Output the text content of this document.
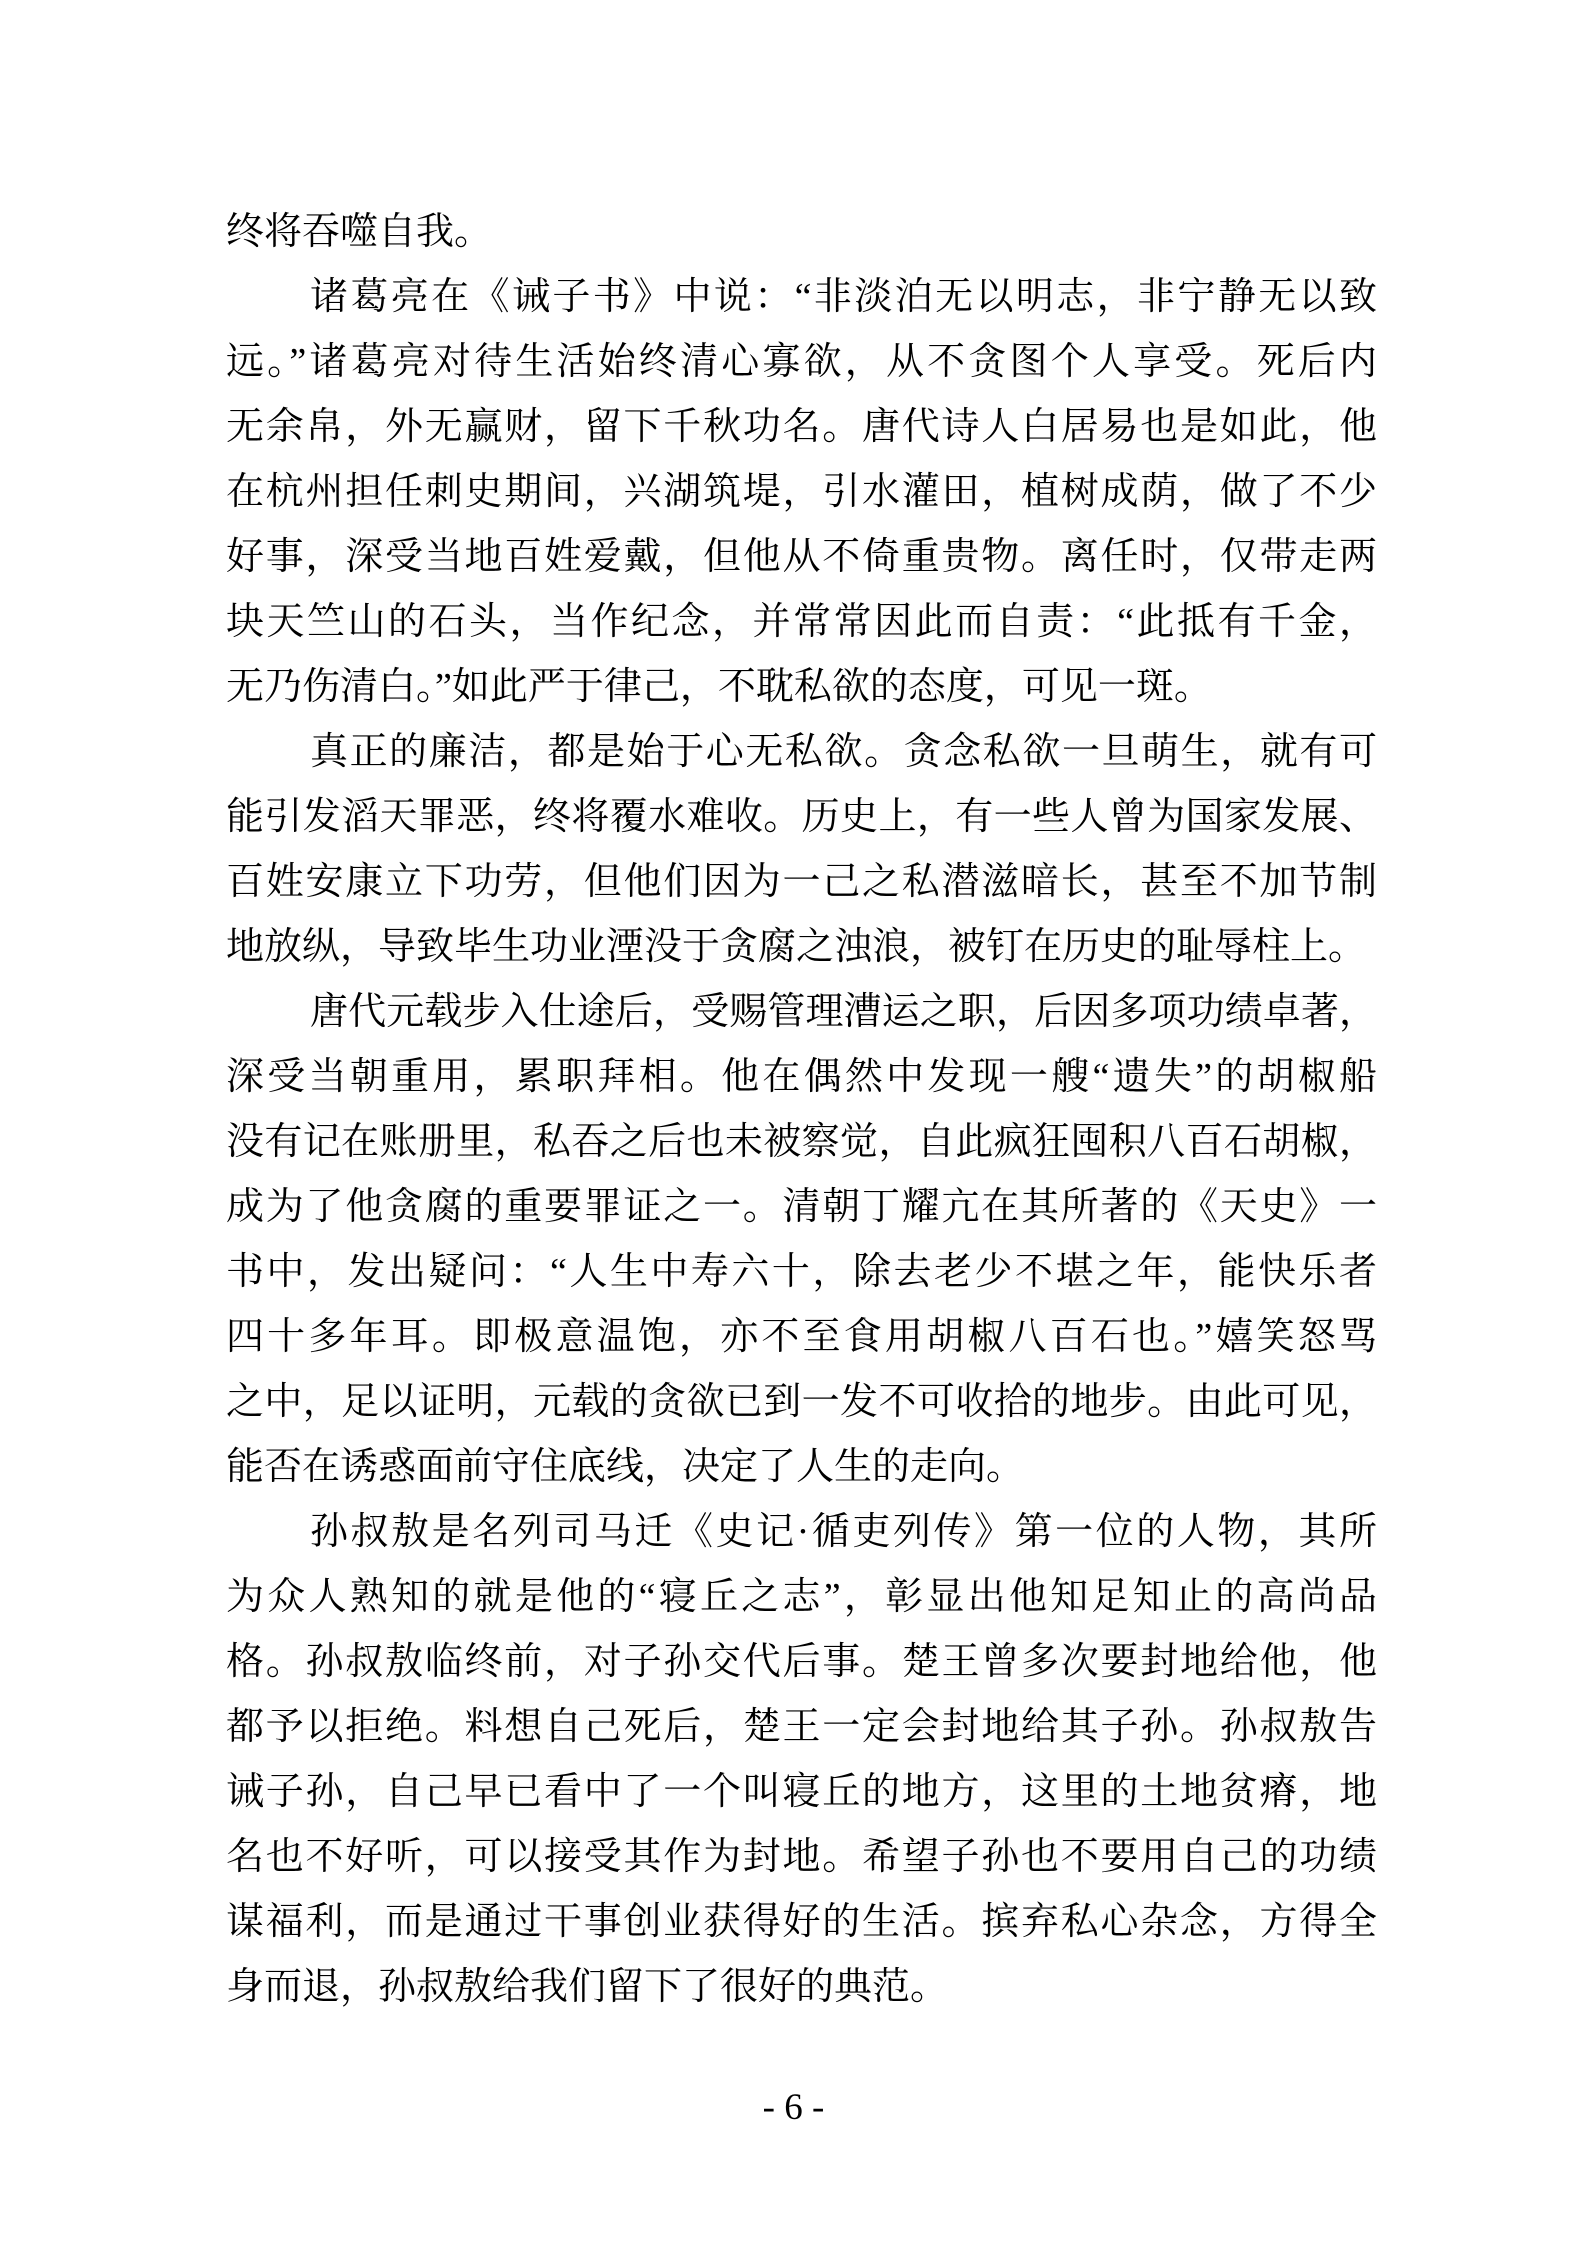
终将吞噬自我。
诸葛亮在《诫子书》中说：“非淡泊无以明志，非宁静无以致
远。”诸葛亮对待生活始终清心寡欲，从不贪图个人享受。死后内
无余帛，外无赢财，留下千秋功名。唐代诗人白居易也是如此，他
在杭州担任刺史期间，兴湖筑堤，引水灌田，植树成荫，做了不少
好事，深受当地百姓爱戴，但他从不倚重贵物。离任时，仅带走两
块天竺山的石头，当作纪念，并常常因此而自责：“此抵有千金，
无乃伤清白。”如此严于律己，不耽私欲的态度，可见一斑。
真正的廉洁，都是始于心无私欲。贪念私欲一旦萌生，就有可
能引发滔天罪恶，终将覆水难收。历史上，有一些人曾为国家发展、
百姓安康立下功劳，但他们因为一己之私潜滋暗长，甚至不加节制
地放纵，导致毕生功业湮没于贪腐之浊浪，被钉在历史的耻辱柱上。
唐代元载步入仕途后，受赐管理漕运之职，后因多项功绩卓著，
深受当朝重用，累职拜相。他在偶然中发现一艘“遗失”的胡椒船
没有记在账册里，私吞之后也未被察觉，自此疯狂囤积八百石胡椒，
成为了他贪腐的重要罪证之一。清朝丁耀亢在其所著的《天史》一
书中，发出疑问：“人生中寿六十，除去老少不堪之年，能快乐者
四十多年耳。即极意温饱，亦不至食用胡椒八百石也。”嬉笑怒骂
之中，足以证明，元载的贪欲已到一发不可收拾的地步。由此可见，
能否在诱惑面前守住底线，决定了人生的走向。
孙叔敖是名列司马迁《史记·循吏列传》第一位的人物，其所
为众人熟知的就是他的“寝丘之志”，彰显出他知足知止的高尚品
格。孙叔敖临终前，对子孙交代后事。楚王曾多次要封地给他，他
都予以拒绝。料想自己死后，楚王一定会封地给其子孙。孙叔敖告
诫子孙，自己早已看中了一个叫寝丘的地方，这里的土地贫瘠，地
名也不好听，可以接受其作为封地。希望子孙也不要用自己的功绩
谋福利，而是通过干事创业获得好的生活。摈弃私心杂念，方得全
身而退，孙叔敖给我们留下了很好的典范。
- 6 -
